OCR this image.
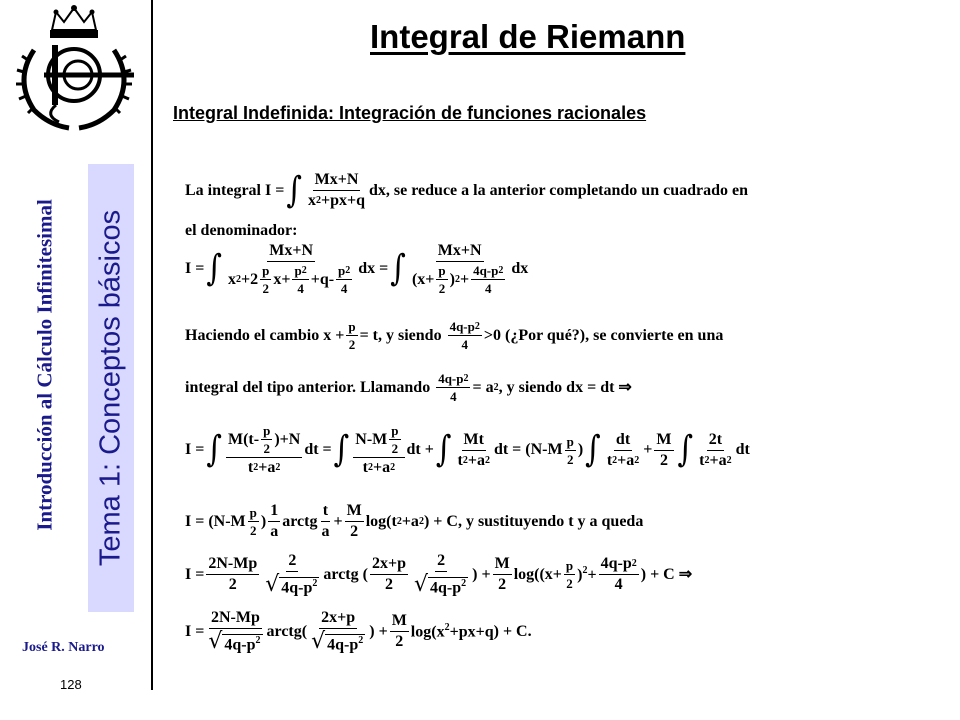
Introducción al Cálculo Infinitesimal Tema 1: Conceptos básicos
José R. Narro
128
Integral de Riemann
Integral Indefinida: Integración de funciones racionales
La integral I = ∫ $\frac{Mx+N}{x 2 +px+q}$ dx, se reduce a la anterior completando un cuadrado en
el denominador:
I = ∫ $\frac{Mx+N}{x 2 +2 \frac{p}{2} x+ \frac{p 2}{4} +q- \frac{p 2}{4}}$ dx = ∫ $\frac{Mx+N}{(x+ \frac{p}{2} ) 2 + \frac{4q-p 2}{4}}$ dx
Haciendo el cambio $x + \frac{p}{2} = t$, y siendo $\frac{4q-p 2}{4} >0$ (¿Por qué?), se convierte en una
integral del tipo anterior. Llamando $\frac{4q-p 2}{4} = a$ 2 , y siendo dx = dt ⇒
I = ∫ $\frac{M(t- \frac{p}{2} )+N}{t 2 +a 2}$ dt = ∫ $\frac{N-M \frac{p}{2}}{t 2 +a 2}$ dt + ∫ $\frac{Mt}{t 2 +a 2}$ dt = ($N-M \frac{p}{2}$ ) ∫ $\frac{dt}{t 2 +a 2} + \frac{M}{2}$ ∫ $\frac{2t}{t 2 +a 2}$ dt
$I = (N-M \frac{p}{2}$ ) $\frac{1}{a}$ arctg $\frac{t}{a} + \frac{M}{2} \log(t$ 2 +a 2 ) + C, y sustituyendo t y a queda
$I = \frac{2N-Mp}{2} \frac{2}{√ 4q-p^2}$ arctg ( $\frac{2x+p}{2} \frac{2}{√ 4q-p^2}$ ) + $\frac{M}{2} \log((x+ \frac{p}{2} )^2+ \frac{4q-p 2}{4}$ ) + C ⇒
$I = \frac{2N-Mp}{√ 4q-p^2}$ arctg( $\frac{2x+p}{√ 4q-p^2}$ ) + $\frac{M}{2} \log(x^2+px+q$ ) + C.
